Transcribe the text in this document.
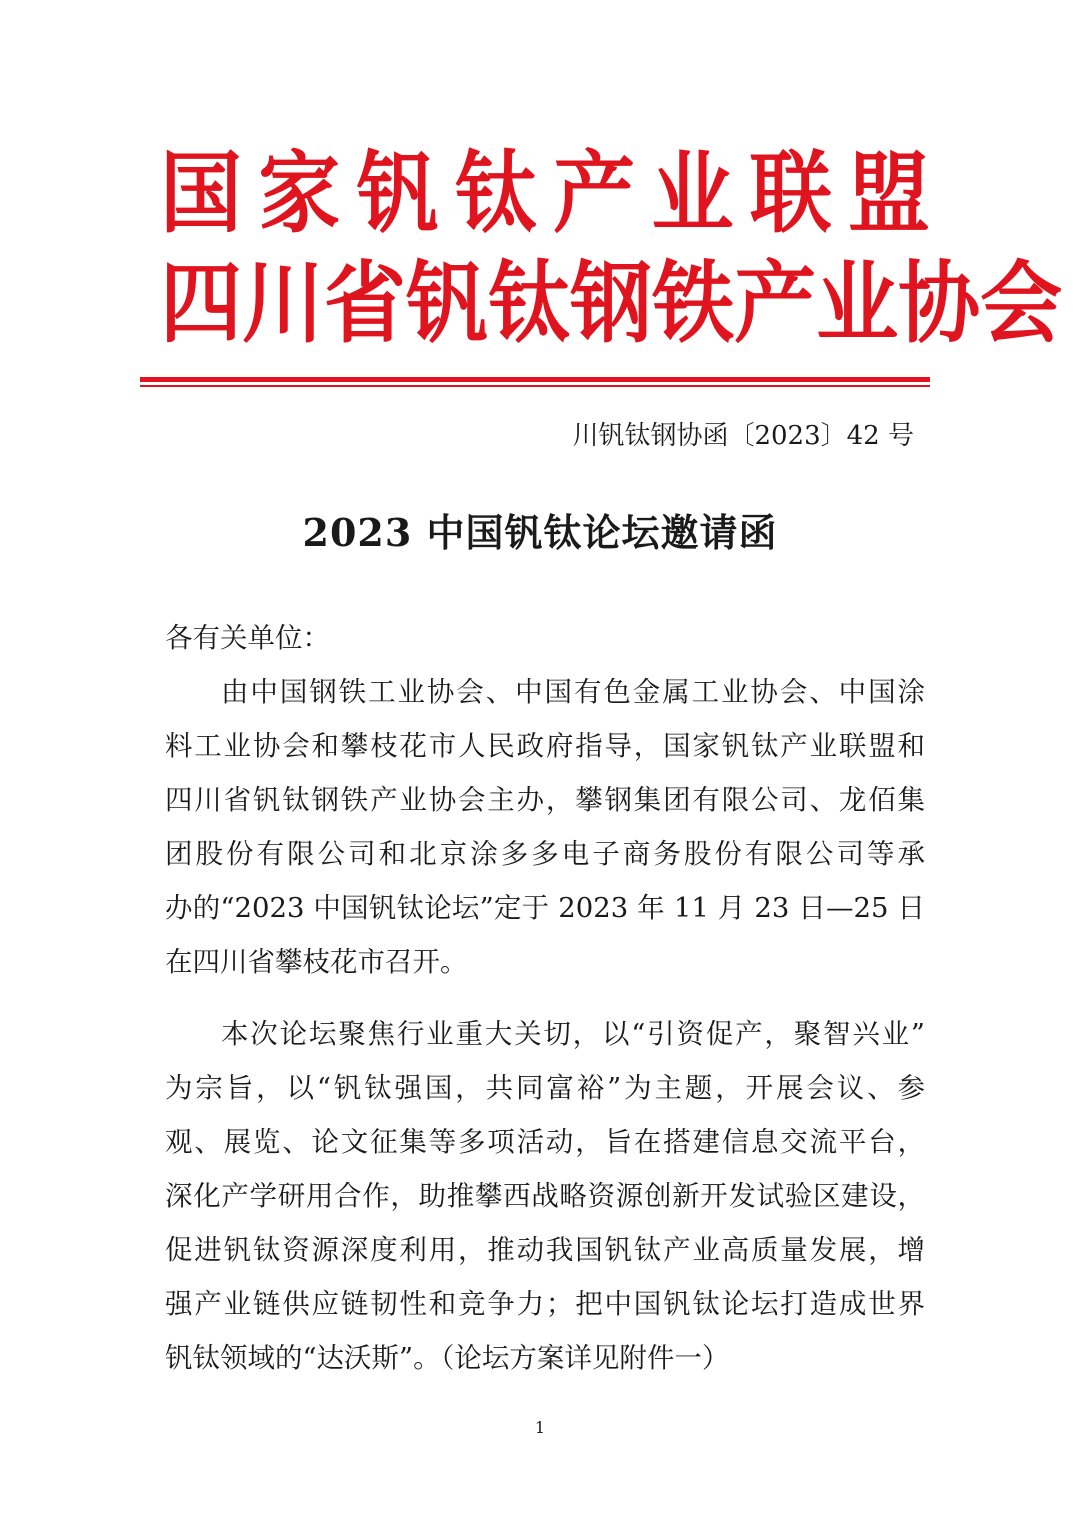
国 家 钒 钛 产 业 联 盟
四 川 省 钒 钛 钢 铁 产 业 协 会
川钒钛钢协函〔2023〕42 号
2023 中国钒钛论坛邀请函
各有关单位：
由中国钢铁工业协会、中国有色金属工业协会、中国涂
料工业协会和攀枝花市人民政府指导，国家钒钛产业联盟和
四川省钒钛钢铁产业协会主办，攀钢集团有限公司、龙佰集
团股份有限公司和北京涂多多电子商务股份有限公司等承
办的“2023 中国钒钛论坛”定于 2023 年 11 月 23 日—25 日
在四川省攀枝花市召开。
本次论坛聚焦行业重大关切，以“引资促产，聚智兴业”
为宗旨，以“钒钛强国，共同富裕”为主题，开展会议、参
观、展览、论文征集等多项活动，旨在搭建信息交流平台，
深化产学研用合作，助推攀西战略资源创新开发试验区建设，
促进钒钛资源深度利用，推动我国钒钛产业高质量发展，增
强产业链供应链韧性和竞争力；把中国钒钛论坛打造成世界
钒钛领域的“达沃斯”。（论坛方案详见附件一）
1
